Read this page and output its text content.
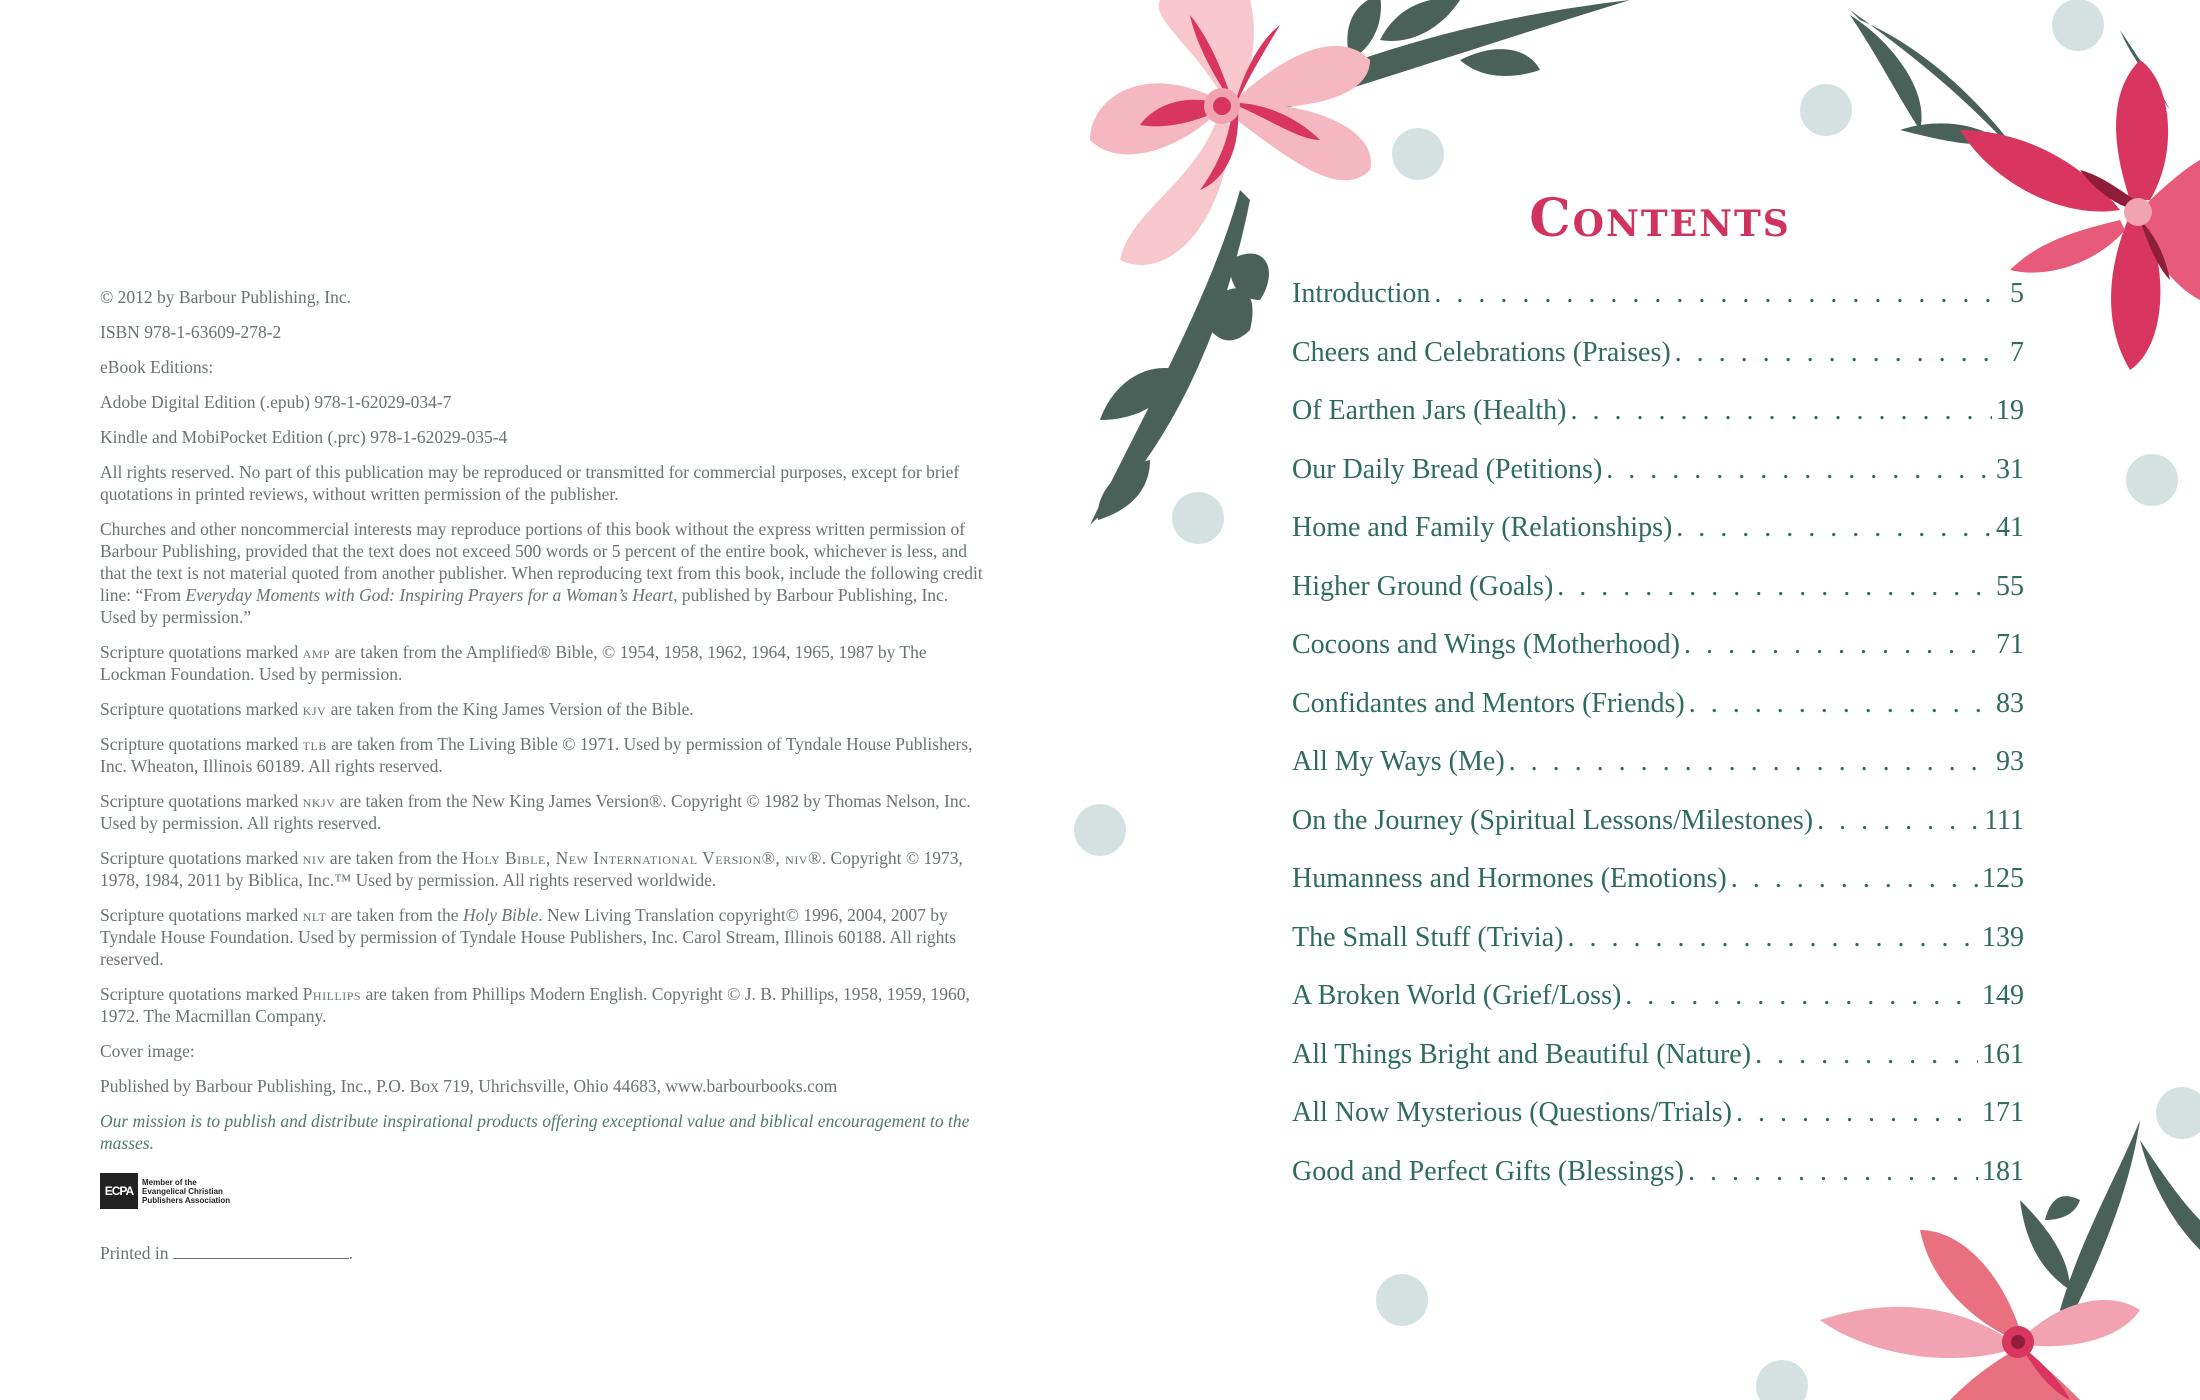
© 2012 by Barbour Publishing, Inc.

ISBN 978-1-63609-278-2

eBook Editions:

Adobe Digital Edition (.epub) 978-1-62029-034-7

Kindle and MobiPocket Edition (.prc) 978-1-62029-035-4

All rights reserved. No part of this publication may be reproduced or transmitted for commercial purposes, except for brief quotations in printed reviews, without written permission of the publisher.

Churches and other noncommercial interests may reproduce portions of this book without the express written permission of Barbour Publishing, provided that the text does not exceed 500 words or 5 percent of the entire book, whichever is less, and that the text is not material quoted from another publisher. When reproducing text from this book, include the following credit line: “From Everyday Moments with God: Inspiring Prayers for a Woman’s Heart, published by Barbour Publishing, Inc. Used by permission.”

Scripture quotations marked amp are taken from the Amplified® Bible, © 1954, 1958, 1962, 1964, 1965, 1987 by The Lockman Foundation. Used by permission.

Scripture quotations marked kjv are taken from the King James Version of the Bible.

Scripture quotations marked tlb are taken from The Living Bible © 1971. Used by permission of Tyndale House Publishers, Inc. Wheaton, Illinois 60189. All rights reserved.

Scripture quotations marked nkjv are taken from the New King James Version®. Copyright © 1982 by Thomas Nelson, Inc. Used by permission. All rights reserved.

Scripture quotations marked niv are taken from the Holy Bible, New International Version®, niv®. Copyright © 1973, 1978, 1984, 2011 by Biblica, Inc.™ Used by permission. All rights reserved worldwide.

Scripture quotations marked nlt are taken from the Holy Bible. New Living Translation copyright© 1996, 2004, 2007 by Tyndale House Foundation. Used by permission of Tyndale House Publishers, Inc. Carol Stream, Illinois 60188. All rights reserved.

Scripture quotations marked Phillips are taken from Phillips Modern English. Copyright © J. B. Phillips, 1958, 1959, 1960, 1972. The Macmillan Company.

Cover image:

Published by Barbour Publishing, Inc., P.O. Box 719, Uhrichsville, Ohio 44683, www.barbourbooks.com

Our mission is to publish and distribute inspirational products offering exceptional value and biblical encouragement to the masses.

ECPA
Member of the
Evangelical Christian
Publishers Association
Printed in	.
Contents
Introduction . . .	5
Cheers and Celebrations (Praises) . . .	7
Of Earthen Jars (Health) . . .	19
Our Daily Bread (Petitions) . . .	31
Home and Family (Relationships) . . .	41
Higher Ground (Goals) . . .	55
Cocoons and Wings (Motherhood) . . .	71
Confidantes and Mentors (Friends) . . .	83
All My Ways (Me) . . .	93
On the Journey (Spiritual Lessons/Milestones) . . .	111
Humanness and Hormones (Emotions) . . .	125
The Small Stuff (Trivia) . . .	139
A Broken World (Grief/Loss) . . .	149
All Things Bright and Beautiful (Nature) . . .	161
All Now Mysterious (Questions/Trials) . . .	171
Good and Perfect Gifts (Blessings) . . .	181
